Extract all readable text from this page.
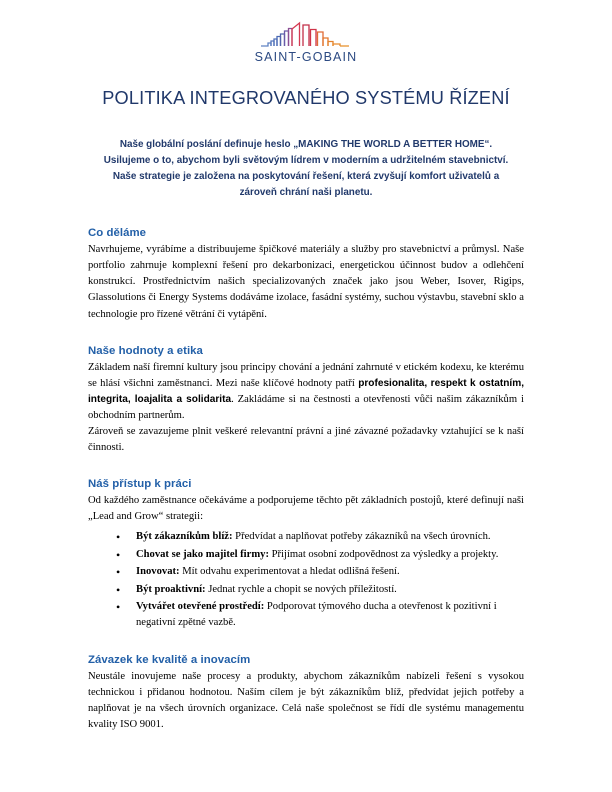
SAINT-GOBAIN
POLITIKA INTEGROVANÉHO SYSTÉMU ŘÍZENÍ
Naše globální poslání definuje heslo „MAKING THE WORLD A BETTER HOME“.
Usilujeme o to, abychom byli světovým lídrem v moderním a udržitelném stavebnictví.
Naše strategie je založena na poskytování řešení, která zvyšují komfort uživatelů a
zároveň chrání naši planetu.
Co děláme

Navrhujeme, vyrábíme a distribuujeme špičkové materiály a služby pro stavebnictví a průmysl. Naše portfolio zahrnuje komplexní řešení pro dekarbonizaci, energetickou účinnost budov a odlehčení konstrukcí. Prostřednictvím našich specializovaných značek jako jsou Weber, Isover, Rigips, Glassolutions či Energy Systems dodáváme izolace, fasádní systémy, suchou výstavbu, stavební sklo a technologie pro řízené větrání či vytápění.

Naše hodnoty a etika

Základem naší firemní kultury jsou principy chování a jednání zahrnuté v etickém kodexu, ke kterému se hlásí všichni zaměstnanci. Mezi naše klíčové hodnoty patří profesionalita, respekt k ostatním, integrita, loajalita a solidarita. Zakládáme si na čestnosti a otevřenosti vůči našim zákazníkům i obchodním partnerům.

Zároveň se zavazujeme plnit veškeré relevantní právní a jiné závazné požadavky vztahující se k naší činnosti.

Náš přístup k práci

Od každého zaměstnance očekáváme a podporujeme těchto pět základních postojů, které definují naši „Lead and Grow“ strategii:

• Být zákazníkům blíž: Předvídat a naplňovat potřeby zákazníků na všech úrovních.
• Chovat se jako majitel firmy: Přijímat osobní zodpovědnost za výsledky a projekty.
• Inovovat: Mít odvahu experimentovat a hledat odlišná řešení.
• Být proaktivní: Jednat rychle a chopit se nových příležitostí.
• Vytvářet otevřené prostředí: Podporovat týmového ducha a otevřenost k pozitivní i negativní zpětné vazbě.
Závazek ke kvalitě a inovacím

Neustále inovujeme naše procesy a produkty, abychom zákazníkům nabízeli řešení s vysokou technickou i přidanou hodnotou. Naším cílem je být zákazníkům blíž, předvídat jejich potřeby a naplňovat je na všech úrovních organizace. Celá naše společnost se řídí dle systému managementu kvality ISO 9001.
